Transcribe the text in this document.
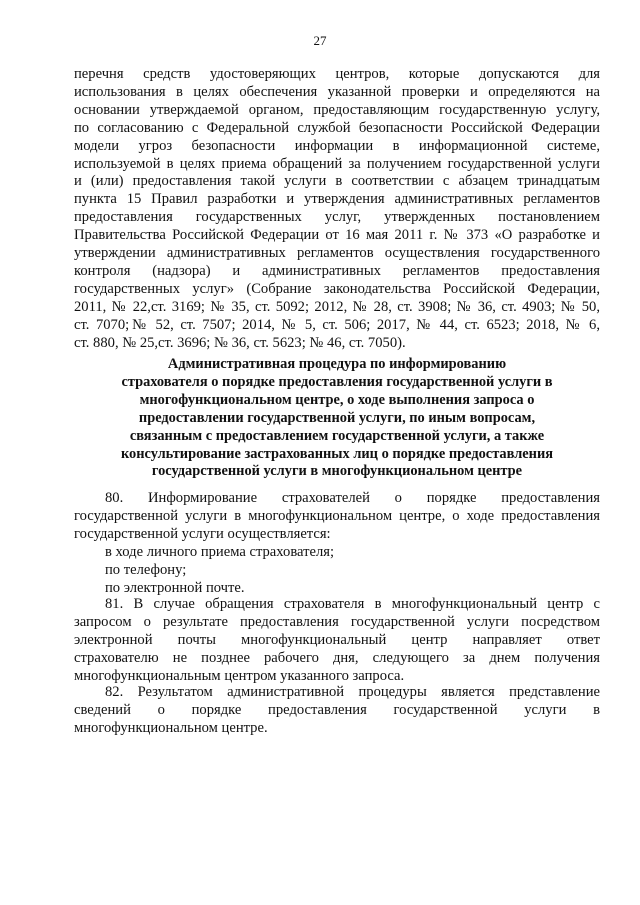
27
перечня средств удостоверяющих центров, которые допускаются для
использования в целях обеспечения указанной проверки и определяются на
основании утверждаемой органом, предоставляющим государственную услугу,
по согласованию с Федеральной службой безопасности Российской Федерации
модели угроз безопасности информации в информационной системе,
используемой в целях приема обращений за получением государственной услуги
и (или) предоставления такой услуги в соответствии с абзацем тринадцатым
пункта 15 Правил разработки и утверждения административных регламентов
предоставления государственных услуг, утвержденных постановлением
Правительства Российской Федерации от 16 мая 2011 г. № 373 «О разработке и
утверждении административных регламентов осуществления государственного
контроля (надзора) и административных регламентов предоставления
государственных услуг» (Собрание законодательства Российской Федерации,
2011, № 22,ст. 3169; № 35, ст. 5092; 2012, № 28, ст. 3908; № 36, ст. 4903; № 50,
ст. 7070;№ 52, ст. 7507; 2014, № 5, ст. 506; 2017, № 44, ст. 6523; 2018, № 6,
ст. 880, № 25,ст. 3696; № 36, ст. 5623; № 46, ст. 7050).
Административная процедура по информированию
страхователя о порядке предоставления государственной услуги в
многофункциональном центре, о ходе выполнения запроса о
предоставлении государственной услуги, по иным вопросам,
связанным с предоставлением государственной услуги, а также
консультирование застрахованных лиц о порядке предоставления
государственной услуги в многофункциональном центре
80. Информирование страхователей о порядке предоставления
государственной услуги в многофункциональном центре, о ходе предоставления
государственной услуги осуществляется:
в ходе личного приема страхователя;
по телефону;
по электронной почте.
81. В случае обращения страхователя в многофункциональный центр с
запросом о результате предоставления государственной услуги посредством
электронной почты многофункциональный центр направляет ответ
страхователю не позднее рабочего дня, следующего за днем получения
многофункциональным центром указанного запроса.
82. Результатом административной процедуры является представление
сведений о порядке предоставления государственной услуги в
многофункциональном центре.
